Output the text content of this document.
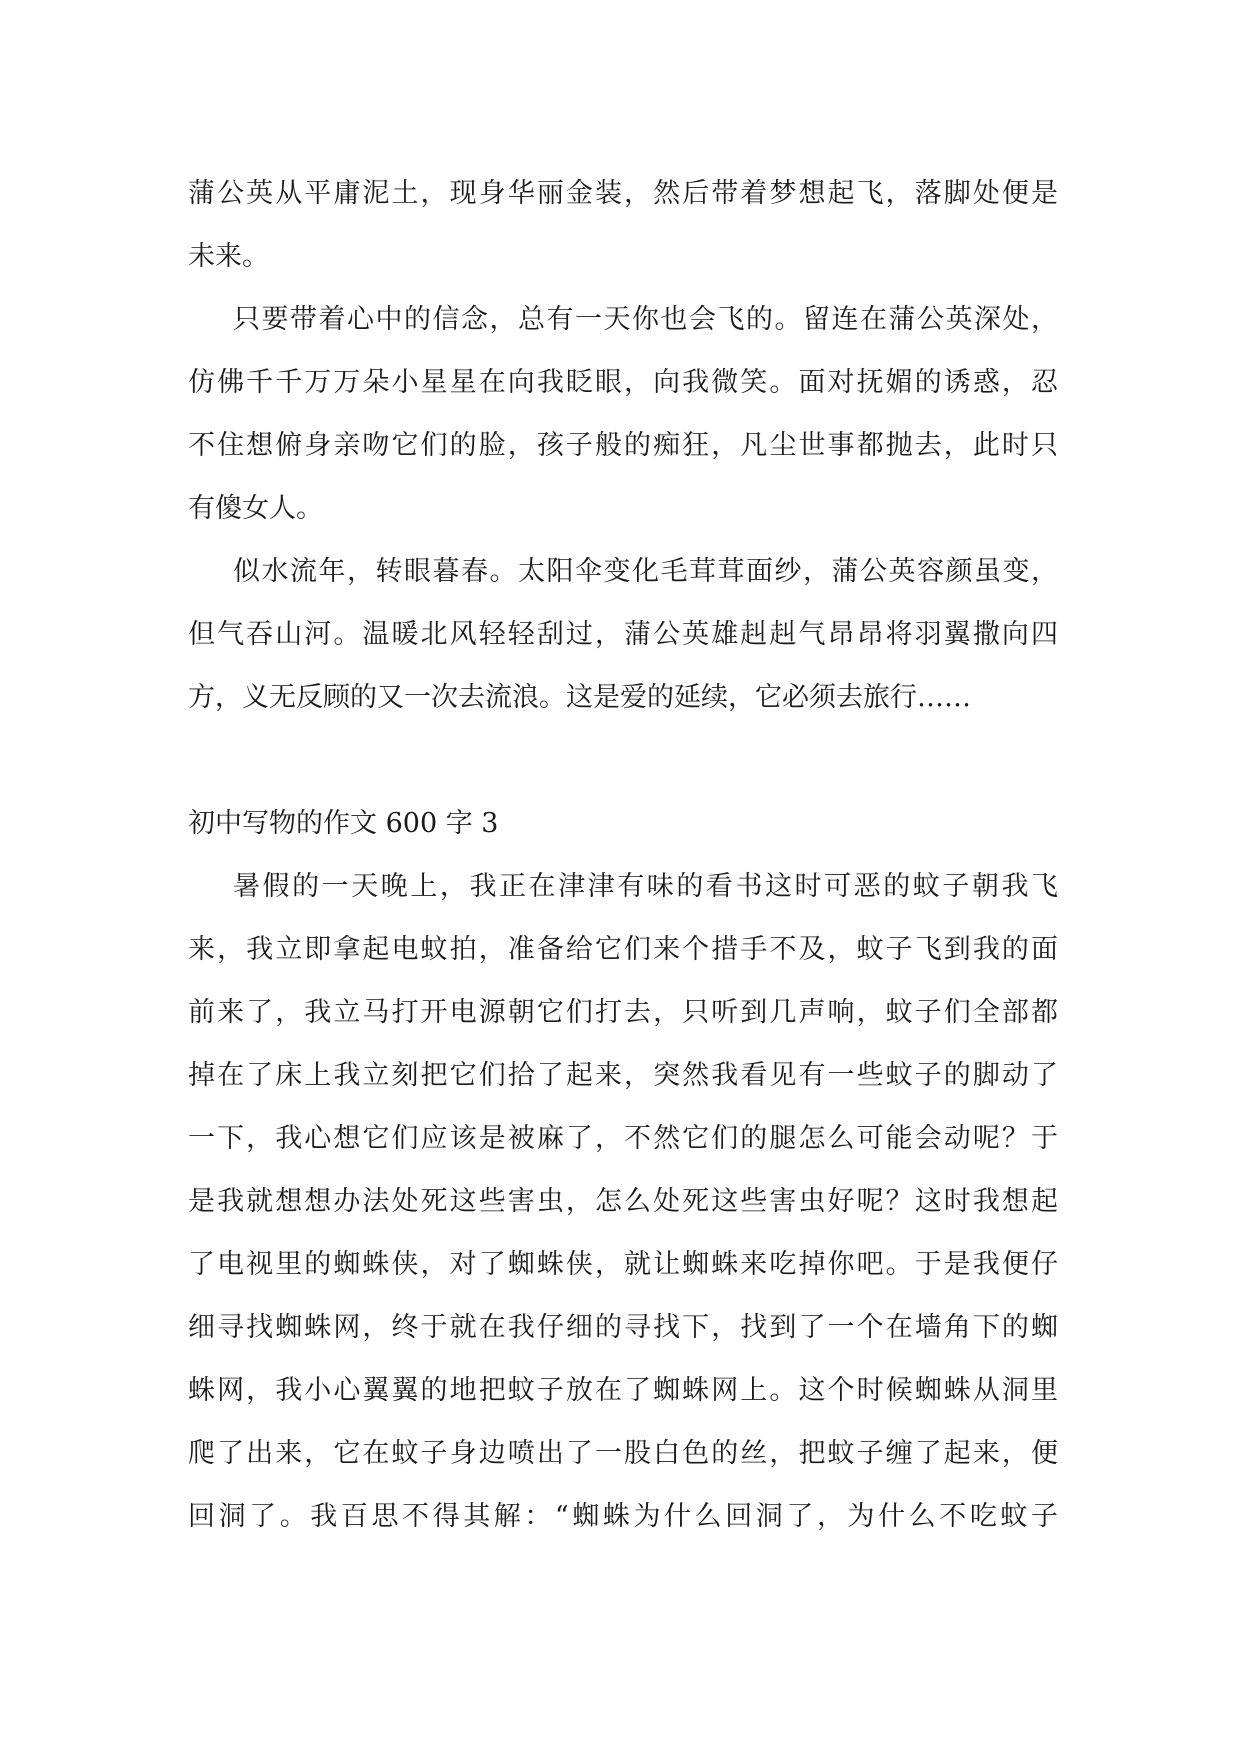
蒲公英从平庸泥土，现身华丽金装，然后带着梦想起飞，落脚处便是
未来。
只要带着心中的信念，总有一天你也会飞的。留连在蒲公英深处，
仿佛千千万万朵小星星在向我眨眼，向我微笑。面对抚媚的诱惑，忍
不住想俯身亲吻它们的脸，孩子般的痴狂，凡尘世事都抛去，此时只
有傻女人。
似水流年，转眼暮春。太阳伞变化毛茸茸面纱，蒲公英容颜虽变，
但气吞山河。温暖北风轻轻刮过，蒲公英雄赳赳气昂昂将羽翼撒向四
方，义无反顾的又一次去流浪。这是爱的延续，它必须去旅行……
初中写物的作文 600 字 3
暑假的一天晚上，我正在津津有味的看书这时可恶的蚊子朝我飞
来，我立即拿起电蚊拍，准备给它们来个措手不及，蚊子飞到我的面
前来了，我立马打开电源朝它们打去，只听到几声响，蚊子们全部都
掉在了床上我立刻把它们拾了起来，突然我看见有一些蚊子的脚动了
一下，我心想它们应该是被麻了，不然它们的腿怎么可能会动呢？于
是我就想想办法处死这些害虫，怎么处死这些害虫好呢？这时我想起
了电视里的蜘蛛侠，对了蜘蛛侠，就让蜘蛛来吃掉你吧。于是我便仔
细寻找蜘蛛网，终于就在我仔细的寻找下，找到了一个在墙角下的蜘
蛛网，我小心翼翼的地把蚊子放在了蜘蛛网上。这个时候蜘蛛从洞里
爬了出来，它在蚊子身边喷出了一股白色的丝，把蚊子缠了起来，便
回洞了。我百思不得其解：“蜘蛛为什么回洞了，为什么不吃蚊子
